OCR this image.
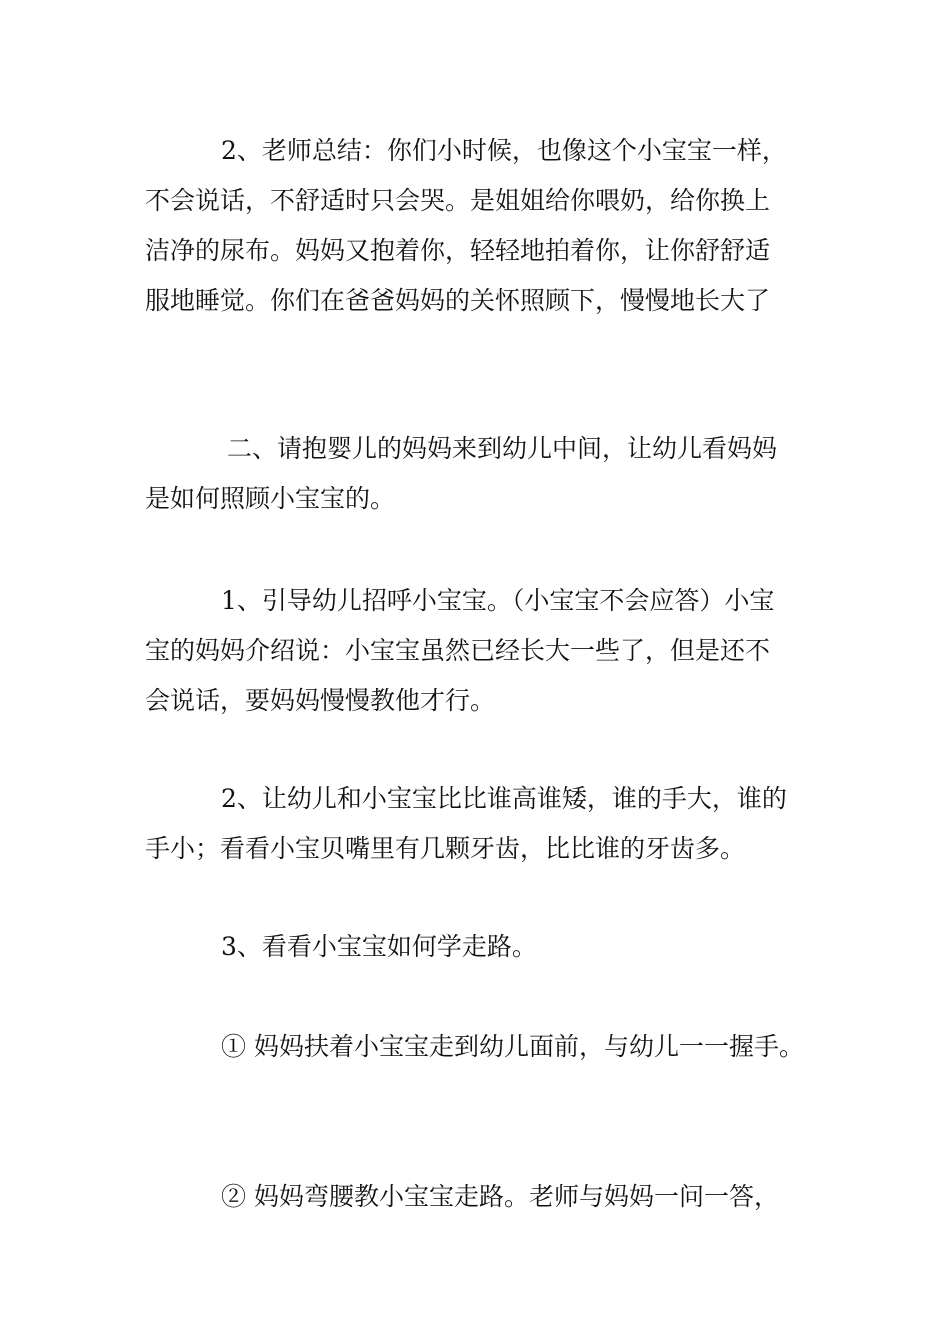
2、老师总结：你们小时候，也像这个小宝宝一样，
不会说话，不舒适时只会哭。是姐姐给你喂奶，给你换上
洁净的尿布。妈妈又抱着你，轻轻地拍着你，让你舒舒适
服地睡觉。你们在爸爸妈妈的关怀照顾下，慢慢地长大了
二、请抱婴儿的妈妈来到幼儿中间，让幼儿看妈妈
是如何照顾小宝宝的。
1、引导幼儿招呼小宝宝。（小宝宝不会应答）小宝
宝的妈妈介绍说：小宝宝虽然已经长大一些了，但是还不
会说话，要妈妈慢慢教他才行。
2、让幼儿和小宝宝比比谁高谁矮，谁的手大，谁的
手小；看看小宝贝嘴里有几颗牙齿，比比谁的牙齿多。
3、看看小宝宝如何学走路。
① 妈妈扶着小宝宝走到幼儿面前，与幼儿一一握手。
② 妈妈弯腰教小宝宝走路。老师与妈妈一问一答，
